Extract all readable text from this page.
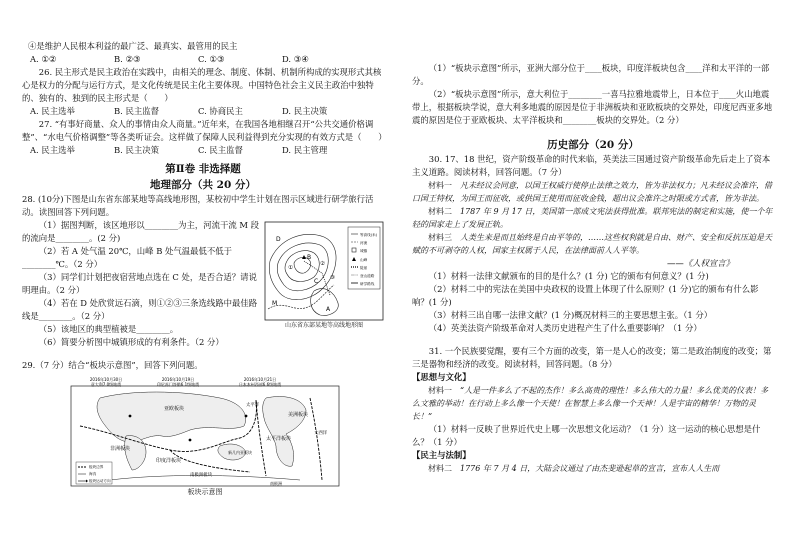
④是维护人民根本利益的最广泛、最真实、最管用的民主

A. ①②	B. ②③	C. ①③	D. ③④

26. 民主形式是民主政治在实践中，由相关的理念、制度、体制、机制所构成的实现形式其核心是权力的分配与运行方式，是文化传统是民主化主要体现。中国特色社会主义民主政治中独特的、独有的、独到的民主形式是（　　）

A. 民主选举	B. 民主监督	C. 协商民主	D. 民主决策

27. “有事好商量、众人的事情由众人商量。”近年来，在我国各地相继召开“公共交通价格调整”、“水电气价格调整”等各类听证会。这样做了保障人民利益得到充分实现的有效方式是（　　）

A. 民主选举	B. 民主决策	C. 民主监督	D. 民主管理

第Ⅱ卷 非选择题

地理部分（共 20 分）

28. (10分)下图是山东省东部某地等高线地形图，某校初中学生计划在图示区域进行研学旅行活动。读图回答下列问题。

D
B
C
A
M
①
②
③
等高线(米)
河流
城镇
山峰
陡崖
登山道路
研学路线

山东省东部某地等高线地形图

（1）据图判断，该区地形以________为主，河流干流 M 段的流向是________。(2 分)

（2）若 A 处气温 20℃，山峰 B 处气温最低不低于________℃。（2 分）

（3）同学们计划把夜宿营地点选在 C 处，是否合适？请说明理由。（2 分）

（4）若在 D 处欣赏远石滴，则①②③三条选线路中最佳路线是________。（2 分）

（5）该地区的典型植被是________。

（6）简要分析图中城镇形成的有利条件。（2 分）

29.（7 分）结合“板块示意图”，回答下列问题。

2016年10月30日
意大利7.0级地震
2016年10月19日
印尼苏门答腊6.1级地震
2016年10月21日
日本本州西部6.6级地震
亚欧板块
印度洋板块
太平洋板块
美洲板块
非洲板块
太平洋
大西洋
南极洲板块
新几内亚板块
南极洲
板块边界
海沟
板块运动方向

板块示意图

（1）“板块示意图”所示，亚洲大部分位于____板块，印度洋板块包含____洋和太平洋的一部分。

（2）“板块示意图”所示，意大利位于________一喜马拉雅地震带上，日本位于____火山地震带上，根据板块学说，意大利多地震的原因是位于非洲板块和亚欧板块的交界处，印度尼西亚多地震的原因是位于亚欧板块、太平洋板块和________板块的交界处。（2 分）

历史部分（20 分）

30. 17、18 世纪，资产阶级革命的时代来临，英美法三国通过资产阶级革命先后走上了资本主义道路。阅读材料，回答问题。（7 分）

材料一　 凡未经议会同意，以国王权威行使停止法律之效力，皆为非法权力；凡未经议会准许，借口国王特权，为国王而征收，或供国王使用而征收金钱，超出议会准许之时限或方式者，皆为非法。

材料二　 1787 年 9 月 17 日，美国第一部成文宪法获得批准。联邦宪法的制定和实施，使一个年轻的国家走上了发展正轨。

材料三　 人类生来是而且始终是自由平等的，……这些权利就是自由、财产、安全和反抗压迫是天赋的不可剥夺的人权，国家主权属于人民，在法律面前人人平等。

——《人权宣言》

（1）材料一法律文献颁布的目的是什么？(1 分) 它的颁布有何意义？(1 分)

（2）材料二中的宪法在美国中央政权的设置上体现了什么原则？(1 分)它的颁布有什么影响？(1 分)

（3）材料三出自哪一法律文献？(1 分)概况材料三的主要思想主张。（1 分）

（4）英美法资产阶级革命对人类历史进程产生了什么重要影响？（1 分）

31. 一个民族要觉醒，要有三个方面的改变，第一是人心的改变；第二是政治制度的改变；第三是器物和经济的改变。阅读材料，回答问题。（8 分）

【思想与文化】

材料一　 “人是一件多么了不起的杰作！多么高贵的理性！多么伟大的力量！多么优美的仪表！多么文雅的举动！在行动上多么像一个天使！在智慧上多么像一个天神！人是宇宙的精华！万物的灵长！”

（1）材料一反映了世界近代史上哪一次思想文化运动？（1 分）这一运动的核心思想是什么？（1 分）

【民主与法制】

材料二　 1776 年 7 月 4 日，大陆会议通过了由杰斐逊起草的宣言，宣布人人生而
